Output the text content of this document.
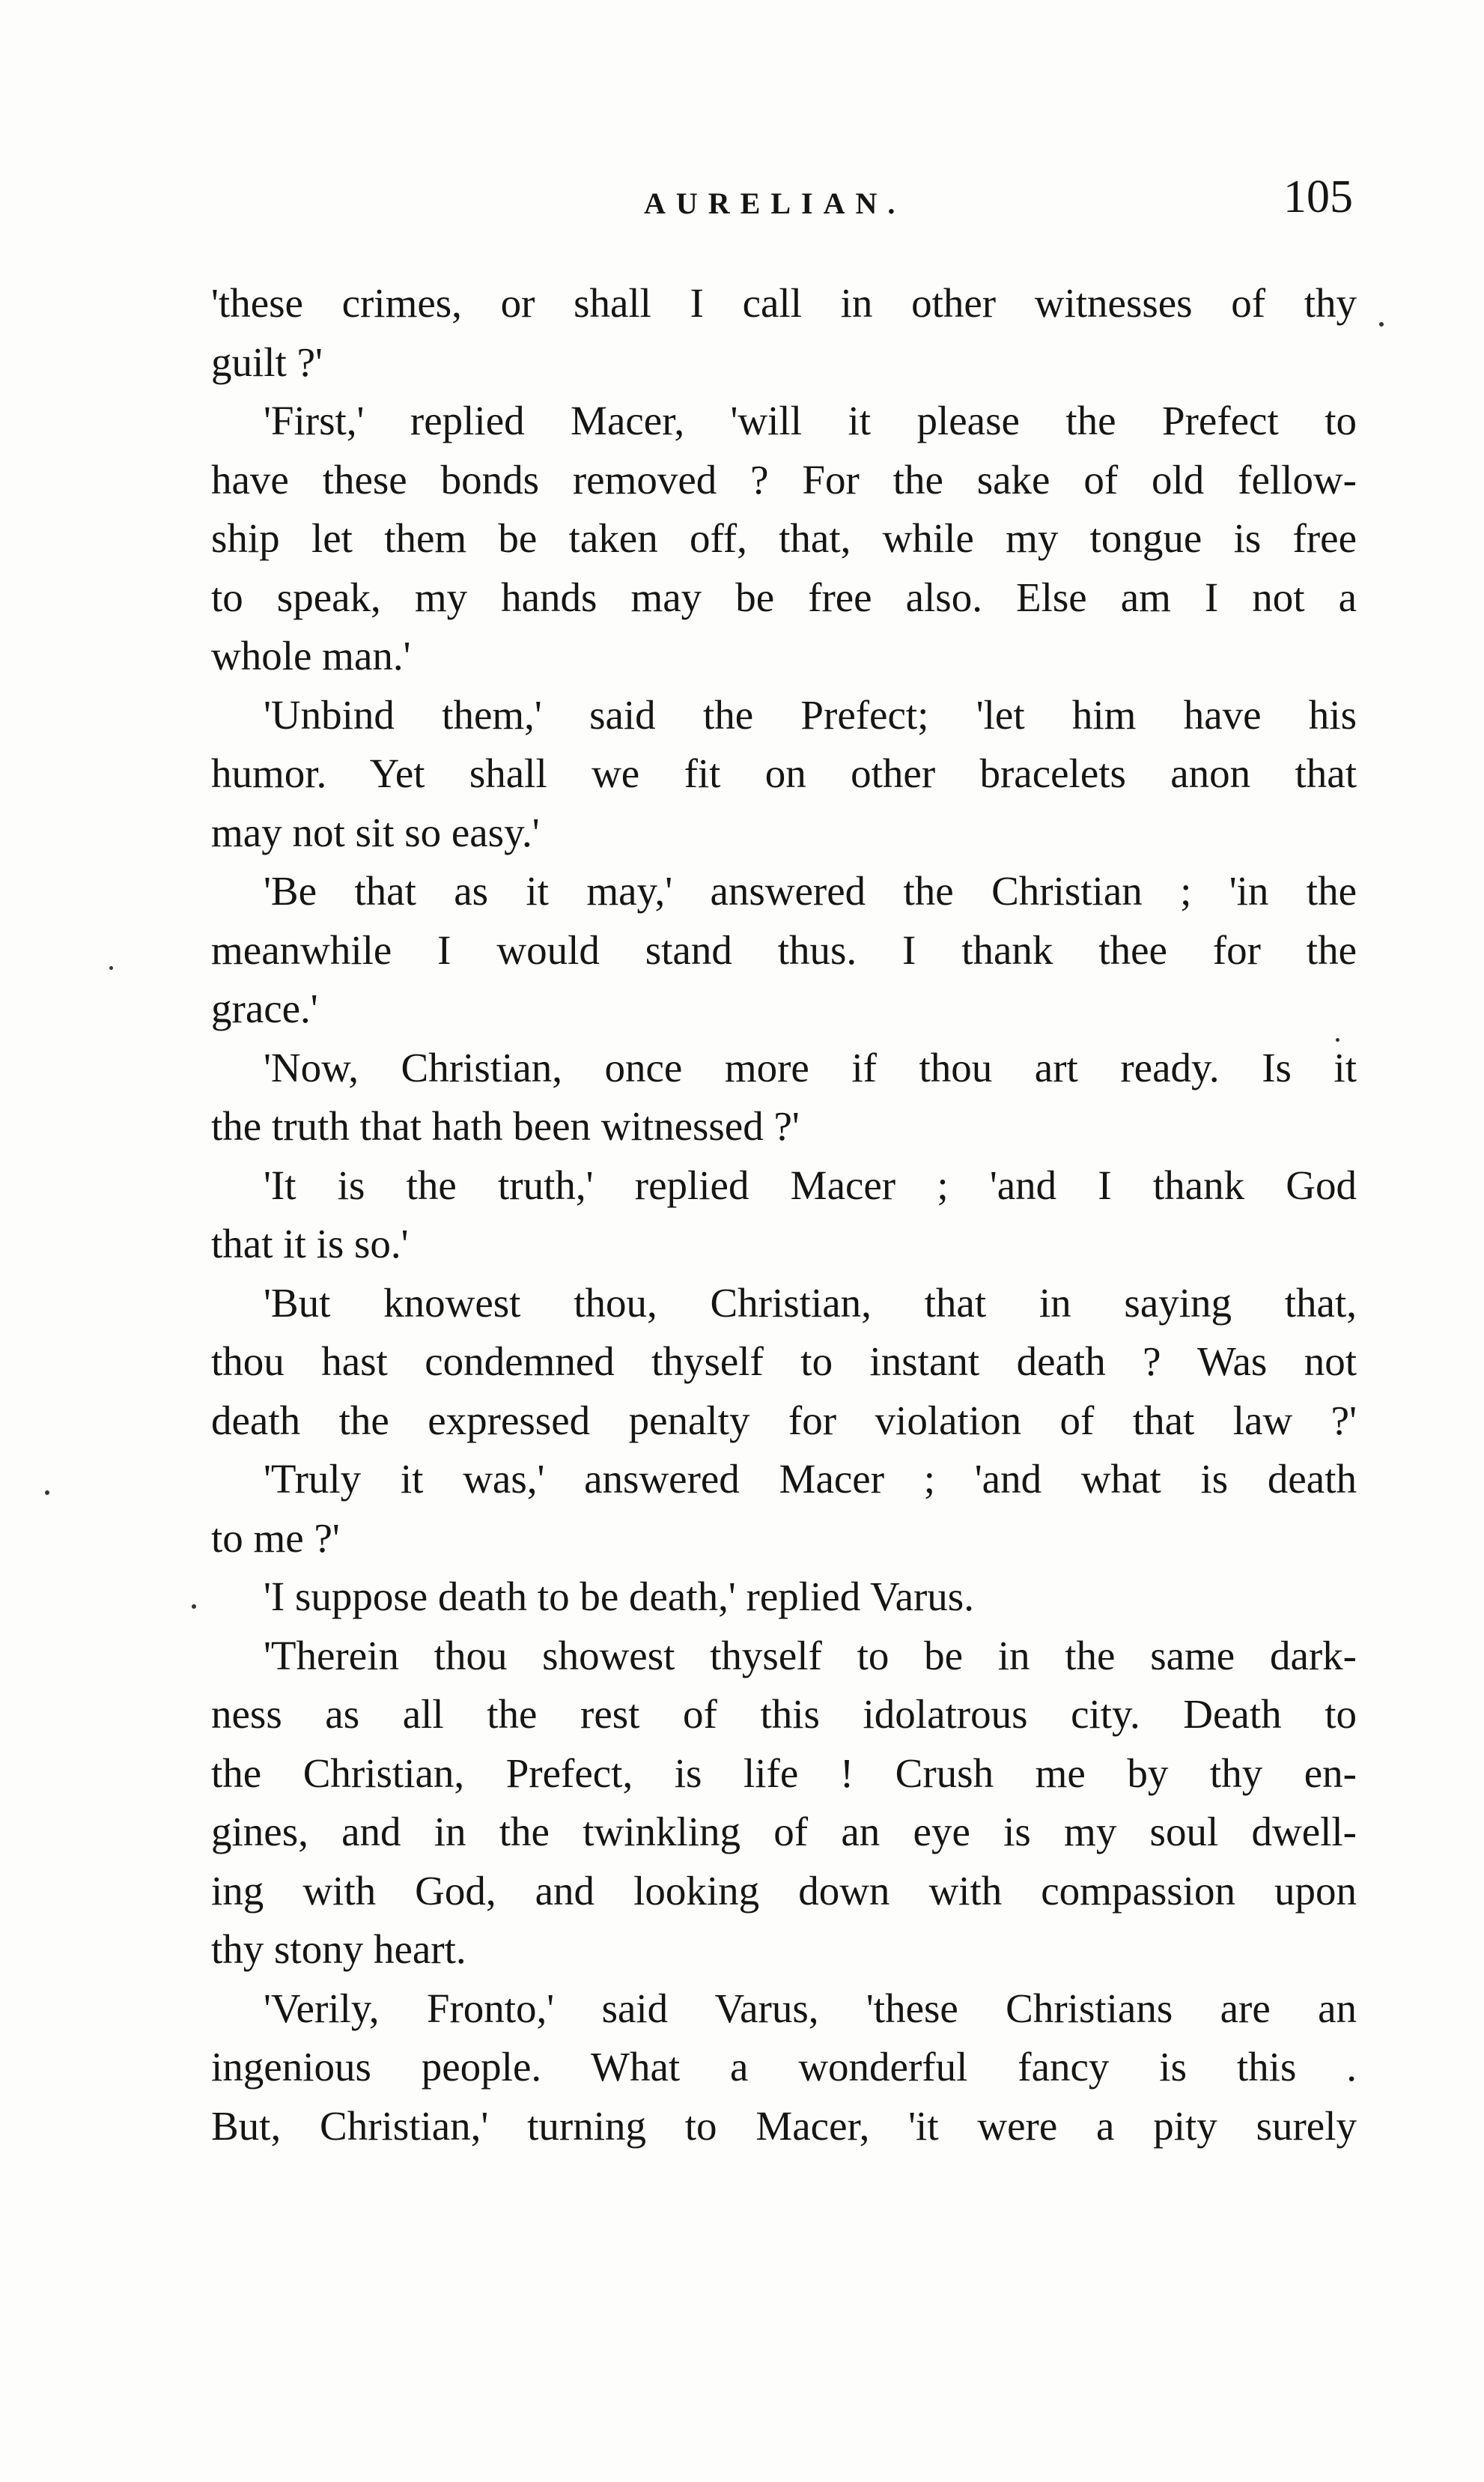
AURELIAN.	105
'these crimes, or shall I call in other witnesses of thy
guilt ?'
'First,' replied Macer, 'will it please the Prefect to
have these bonds removed ? For the sake of old fellow-
ship let them be taken off, that, while my tongue is free
to speak, my hands may be free also. Else am I not a
whole man.'
'Unbind them,' said the Prefect; 'let him have his
humor. Yet shall we fit on other bracelets anon that
may not sit so easy.'
'Be that as it may,' answered the Christian ; 'in the
meanwhile I would stand thus. I thank thee for the
grace.'
'Now, Christian, once more if thou art ready. Is it
the truth that hath been witnessed ?'
'It is the truth,' replied Macer ; 'and I thank God
that it is so.'
'But knowest thou, Christian, that in saying that,
thou hast condemned thyself to instant death ? Was not
death the expressed penalty for violation of that law ?'
'Truly it was,' answered Macer ; 'and what is death
to me ?'
'I suppose death to be death,' replied Varus.
'Therein thou showest thyself to be in the same dark-
ness as all the rest of this idolatrous city. Death to
the Christian, Prefect, is life ! Crush me by thy en-
gines, and in the twinkling of an eye is my soul dwell-
ing with God, and looking down with compassion upon
thy stony heart.
'Verily, Fronto,' said Varus, 'these Christians are an
ingenious people. What a wonderful fancy is this .
But, Christian,' turning to Macer, 'it were a pity surely
